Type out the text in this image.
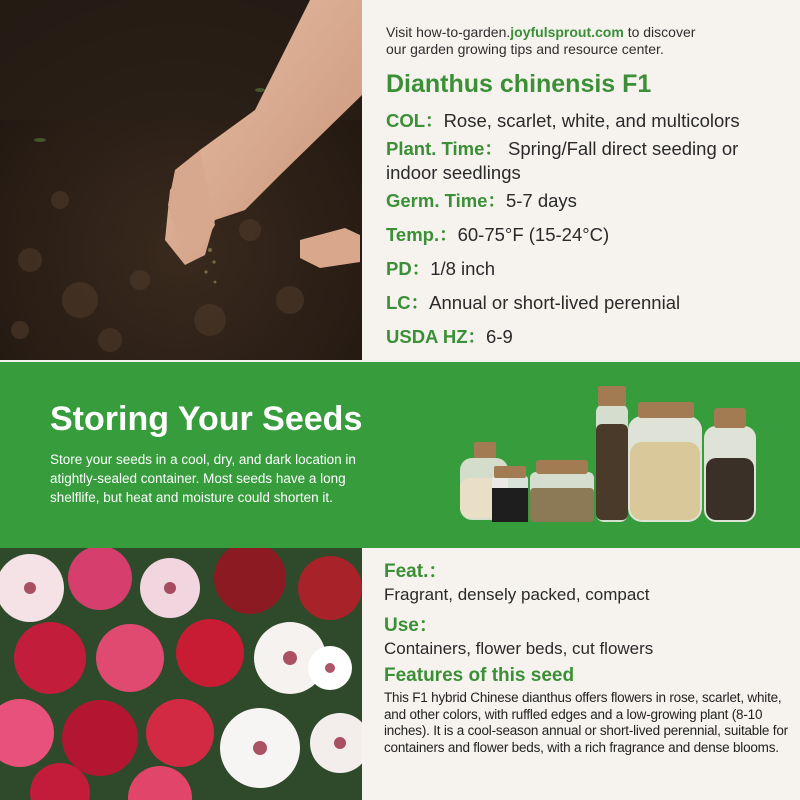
Visit how-to-garden.joyfulsprout.com to discover
our garden growing tips and resource center.

Dianthus chinensis F1

COL：Rose, scarlet, white, and multicolors

Plant. Time： Spring/Fall direct seeding or indoor seedlings

Germ. Time：5-7 days

Temp.：60-75°F (15-24°C)

PD：1/8 inch

LC：Annual or short-lived perennial

USDA HZ：6-9

Storing Your Seeds

Store your seeds in a cool, dry, and dark location in atightly-sealed container. Most seeds have a long shelflife, but heat and moisture could shorten it.

Feat.：

Fragrant, densely packed, compact

Use：

Containers, flower beds, cut flowers

Features of this seed

This F1 hybrid Chinese dianthus offers flowers in rose, scarlet, white, and other colors, with ruffled edges and a low-growing plant (8-10 inches). It is a cool-season annual or short-lived perennial, suitable for containers and flower beds, with a rich fragrance and dense blooms.
